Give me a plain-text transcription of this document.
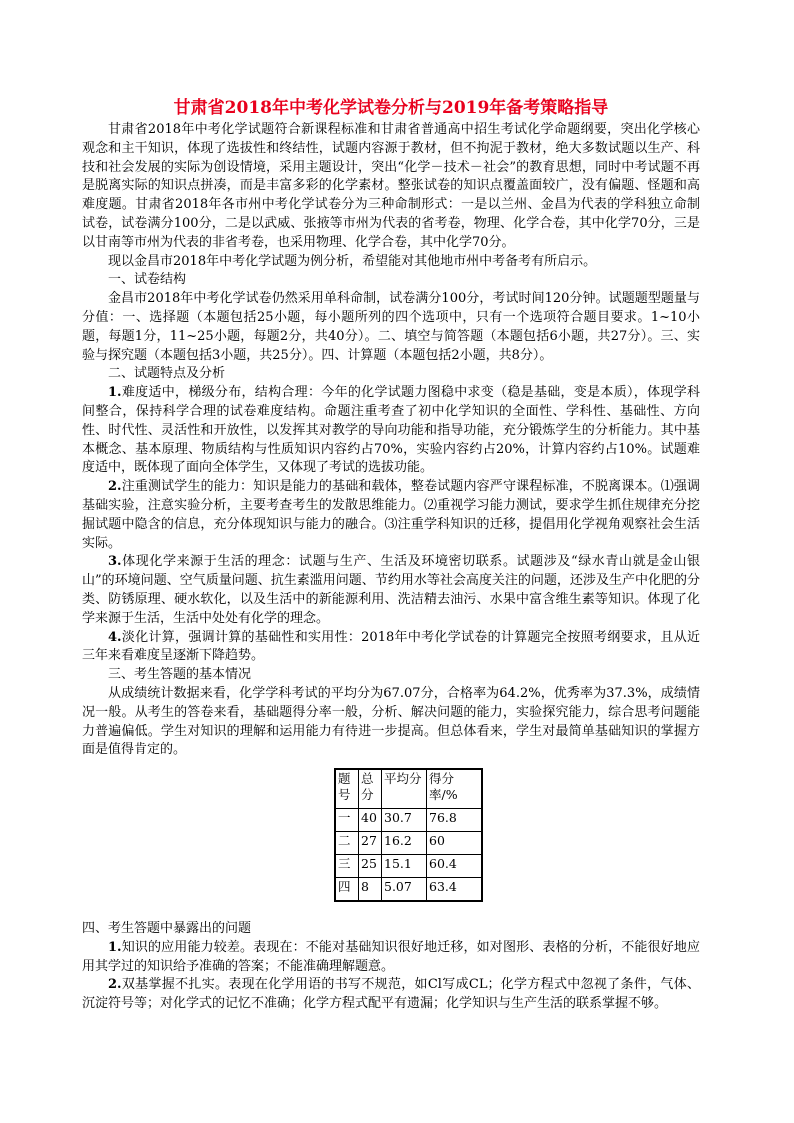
甘肃省2018年中考化学试卷分析与2019年备考策略指导

甘肃省2018年中考化学试题符合新课程标准和甘肃省普通高中招生考试化学命题纲要，突出化学核心观念和主干知识，体现了选拔性和终结性，试题内容源于教材，但不拘泥于教材，绝大多数试题以生产、科技和社会发展的实际为创设情境，采用主题设计，突出“化学－技术－社会”的教育思想，同时中考试题不再是脱离实际的知识点拼凑，而是丰富多彩的化学素材。整张试卷的知识点覆盖面较广，没有偏题、怪题和高难度题。甘肃省2018年各市州中考化学试卷分为三种命制形式：一是以兰州、金昌为代表的学科独立命制试卷，试卷满分100分，二是以武威、张掖等市州为代表的省考卷，物理、化学合卷，其中化学70分，三是以甘南等市州为代表的非省考卷，也采用物理、化学合卷，其中化学70分。

现以金昌市2018年中考化学试题为例分析，希望能对其他地市州中考备考有所启示。

一、试卷结构

金昌市2018年中考化学试卷仍然采用单科命制，试卷满分100分，考试时间120分钟。试题题型题量与分值：一、选择题（本题包括25小题，每小题所列的四个选项中，只有一个选项符合题目要求。1~10小题，每题1分，11~25小题，每题2分，共40分）。二、填空与简答题（本题包括6小题，共27分）。三、实验与探究题（本题包括3小题，共25分）。四、计算题（本题包括2小题，共8分）。

二、试题特点及分析

1.难度适中，梯级分布，结构合理：今年的化学试题力图稳中求变（稳是基础，变是本质），体现学科间整合，保持科学合理的试卷难度结构。命题注重考查了初中化学知识的全面性、学科性、基础性、方向性、时代性、灵活性和开放性，以发挥其对教学的导向功能和指导功能，充分锻炼学生的分析能力。其中基本概念、基本原理、物质结构与性质知识内容约占70%，实验内容约占20%，计算内容约占10%。试题难度适中，既体现了面向全体学生，又体现了考试的选拔功能。

2.注重测试学生的能力：知识是能力的基础和载体，整卷试题内容严守课程标准，不脱离课本。⑴强调基础实验，注意实验分析，主要考查考生的发散思维能力。⑵重视学习能力测试，要求学生抓住规律充分挖掘试题中隐含的信息，充分体现知识与能力的融合。⑶注重学科知识的迁移，提倡用化学视角观察社会生活实际。

3.体现化学来源于生活的理念：试题与生产、生活及环境密切联系。试题涉及“绿水青山就是金山银山”的环境问题、空气质量问题、抗生素滥用问题、节约用水等社会高度关注的问题，还涉及生产中化肥的分类、防锈原理、硬水软化，以及生活中的新能源利用、洗洁精去油污、水果中富含维生素等知识。体现了化学来源于生活，生活中处处有化学的理念。

4.淡化计算，强调计算的基础性和实用性：2018年中考化学试卷的计算题完全按照考纲要求，且从近三年来看难度呈逐渐下降趋势。

三、考生答题的基本情况

从成绩统计数据来看，化学学科考试的平均分为67.07分，合格率为64.2%，优秀率为37.3%，成绩情况一般。从考生的答卷来看，基础题得分率一般，分析、解决问题的能力，实验探究能力，综合思考问题能力普遍偏低。学生对知识的理解和运用能力有待进一步提高。但总体看来，学生对最简单基础知识的掌握方面是值得肯定的。

题号	总分	平均分	得分率/%
一	40	30.7	76.8
二	27	16.2	60
三	25	15.1	60.4
四	8	5.07	63.4

四、考生答题中暴露出的问题

1.知识的应用能力较差。表现在：不能对基础知识很好地迁移，如对图形、表格的分析，不能很好地应用其学过的知识给予准确的答案；不能准确理解题意。

2.双基掌握不扎实。表现在化学用语的书写不规范，如Cl写成CL；化学方程式中忽视了条件，气体、沉淀符号等；对化学式的记忆不准确；化学方程式配平有遗漏；化学知识与生产生活的联系掌握不够。
